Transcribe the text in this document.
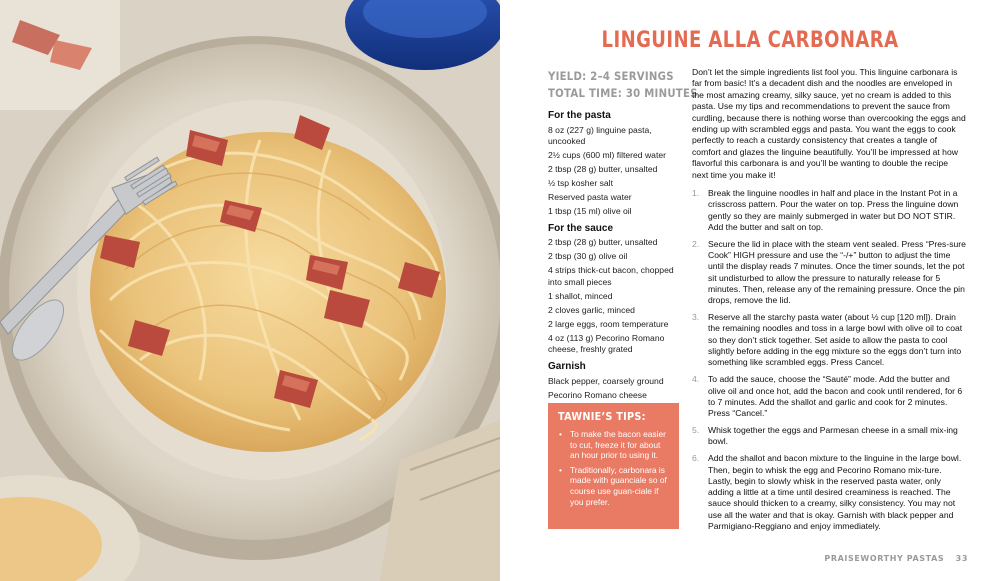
LINGUINE ALLA CARBONARA
YIELD: 2–4 SERVINGS
TOTAL TIME: 30 MINUTES
For the pasta

8 oz (227 g) linguine pasta, uncooked

2½ cups (600 ml) filtered water

2 tbsp (28 g) butter, unsalted

½ tsp kosher salt

Reserved pasta water

1 tbsp (15 ml) olive oil

For the sauce

2 tbsp (28 g) butter, unsalted

2 tbsp (30 g) olive oil

4 strips thick-cut bacon, chopped into small pieces

1 shallot, minced

2 cloves garlic, minced

2 large eggs, room temperature

4 oz (113 g) Pecorino Romano cheese, freshly grated

Garnish

Black pepper, coarsely ground

Pecorino Romano cheese

TAWNIE’S TIPS:
• To make the bacon easier to cut, freeze it for about an hour prior to using it.
• Traditionally, carbonara is made with guanciale so of course use guan-ciale if you prefer.
Don’t let the simple ingredients list fool you. This linguine carbonara is far from basic! It’s a decadent dish and the noodles are enveloped in the most amazing creamy, silky sauce, yet no cream is added to this pasta. Use my tips and recommendations to prevent the sauce from curdling, because there is nothing worse than overcooking the eggs and ending up with scrambled eggs and pasta. You want the eggs to cook perfectly to reach a custardy consistency that creates a tangle of comfort and glazes the linguine beautifully. You’ll be impressed at how flavorful this carbonara is and you’ll be wanting to double the recipe next time you make it!
1.	Break the linguine noodles in half and place in the Instant Pot in a crisscross pattern. Pour the water on top. Press the linguine down gently so they are mainly submerged in water but DO NOT STIR. Add the butter and salt on top.
2.	Secure the lid in place with the steam vent sealed. Press “Pres-sure Cook” HIGH pressure and use the “-/+” button to adjust the time until the display reads 7 minutes. Once the timer sounds, let the pot sit undisturbed to allow the pressure to naturally release for 5 minutes. Then, release any of the remaining pressure. Once the pin drops, remove the lid.
3.	Reserve all the starchy pasta water (about ½ cup [120 ml]). Drain the remaining noodles and toss in a large bowl with olive oil to coat so they don’t stick together. Set aside to allow the pasta to cool slightly before adding in the egg mixture so the eggs don’t turn into something like scrambled eggs. Press Cancel.
4.	To add the sauce, choose the “Sauté” mode. Add the butter and olive oil and once hot, add the bacon and cook until rendered, for 6 to 7 minutes. Add the shallot and garlic and cook for 2 minutes. Press “Cancel.”
5.	Whisk together the eggs and Parmesan cheese in a small mix-ing bowl.
6.	Add the shallot and bacon mixture to the linguine in the large bowl. Then, begin to whisk the egg and Pecorino Romano mix-ture. Lastly, begin to slowly whisk in the reserved pasta water, only adding a little at a time until desired creaminess is reached. The sauce should thicken to a creamy, silky consistency. You may not use all the water and that is okay. Garnish with black pepper and Parmigiano-Reggiano and enjoy immediately.
PRAISEWORTHY PASTAS 33
